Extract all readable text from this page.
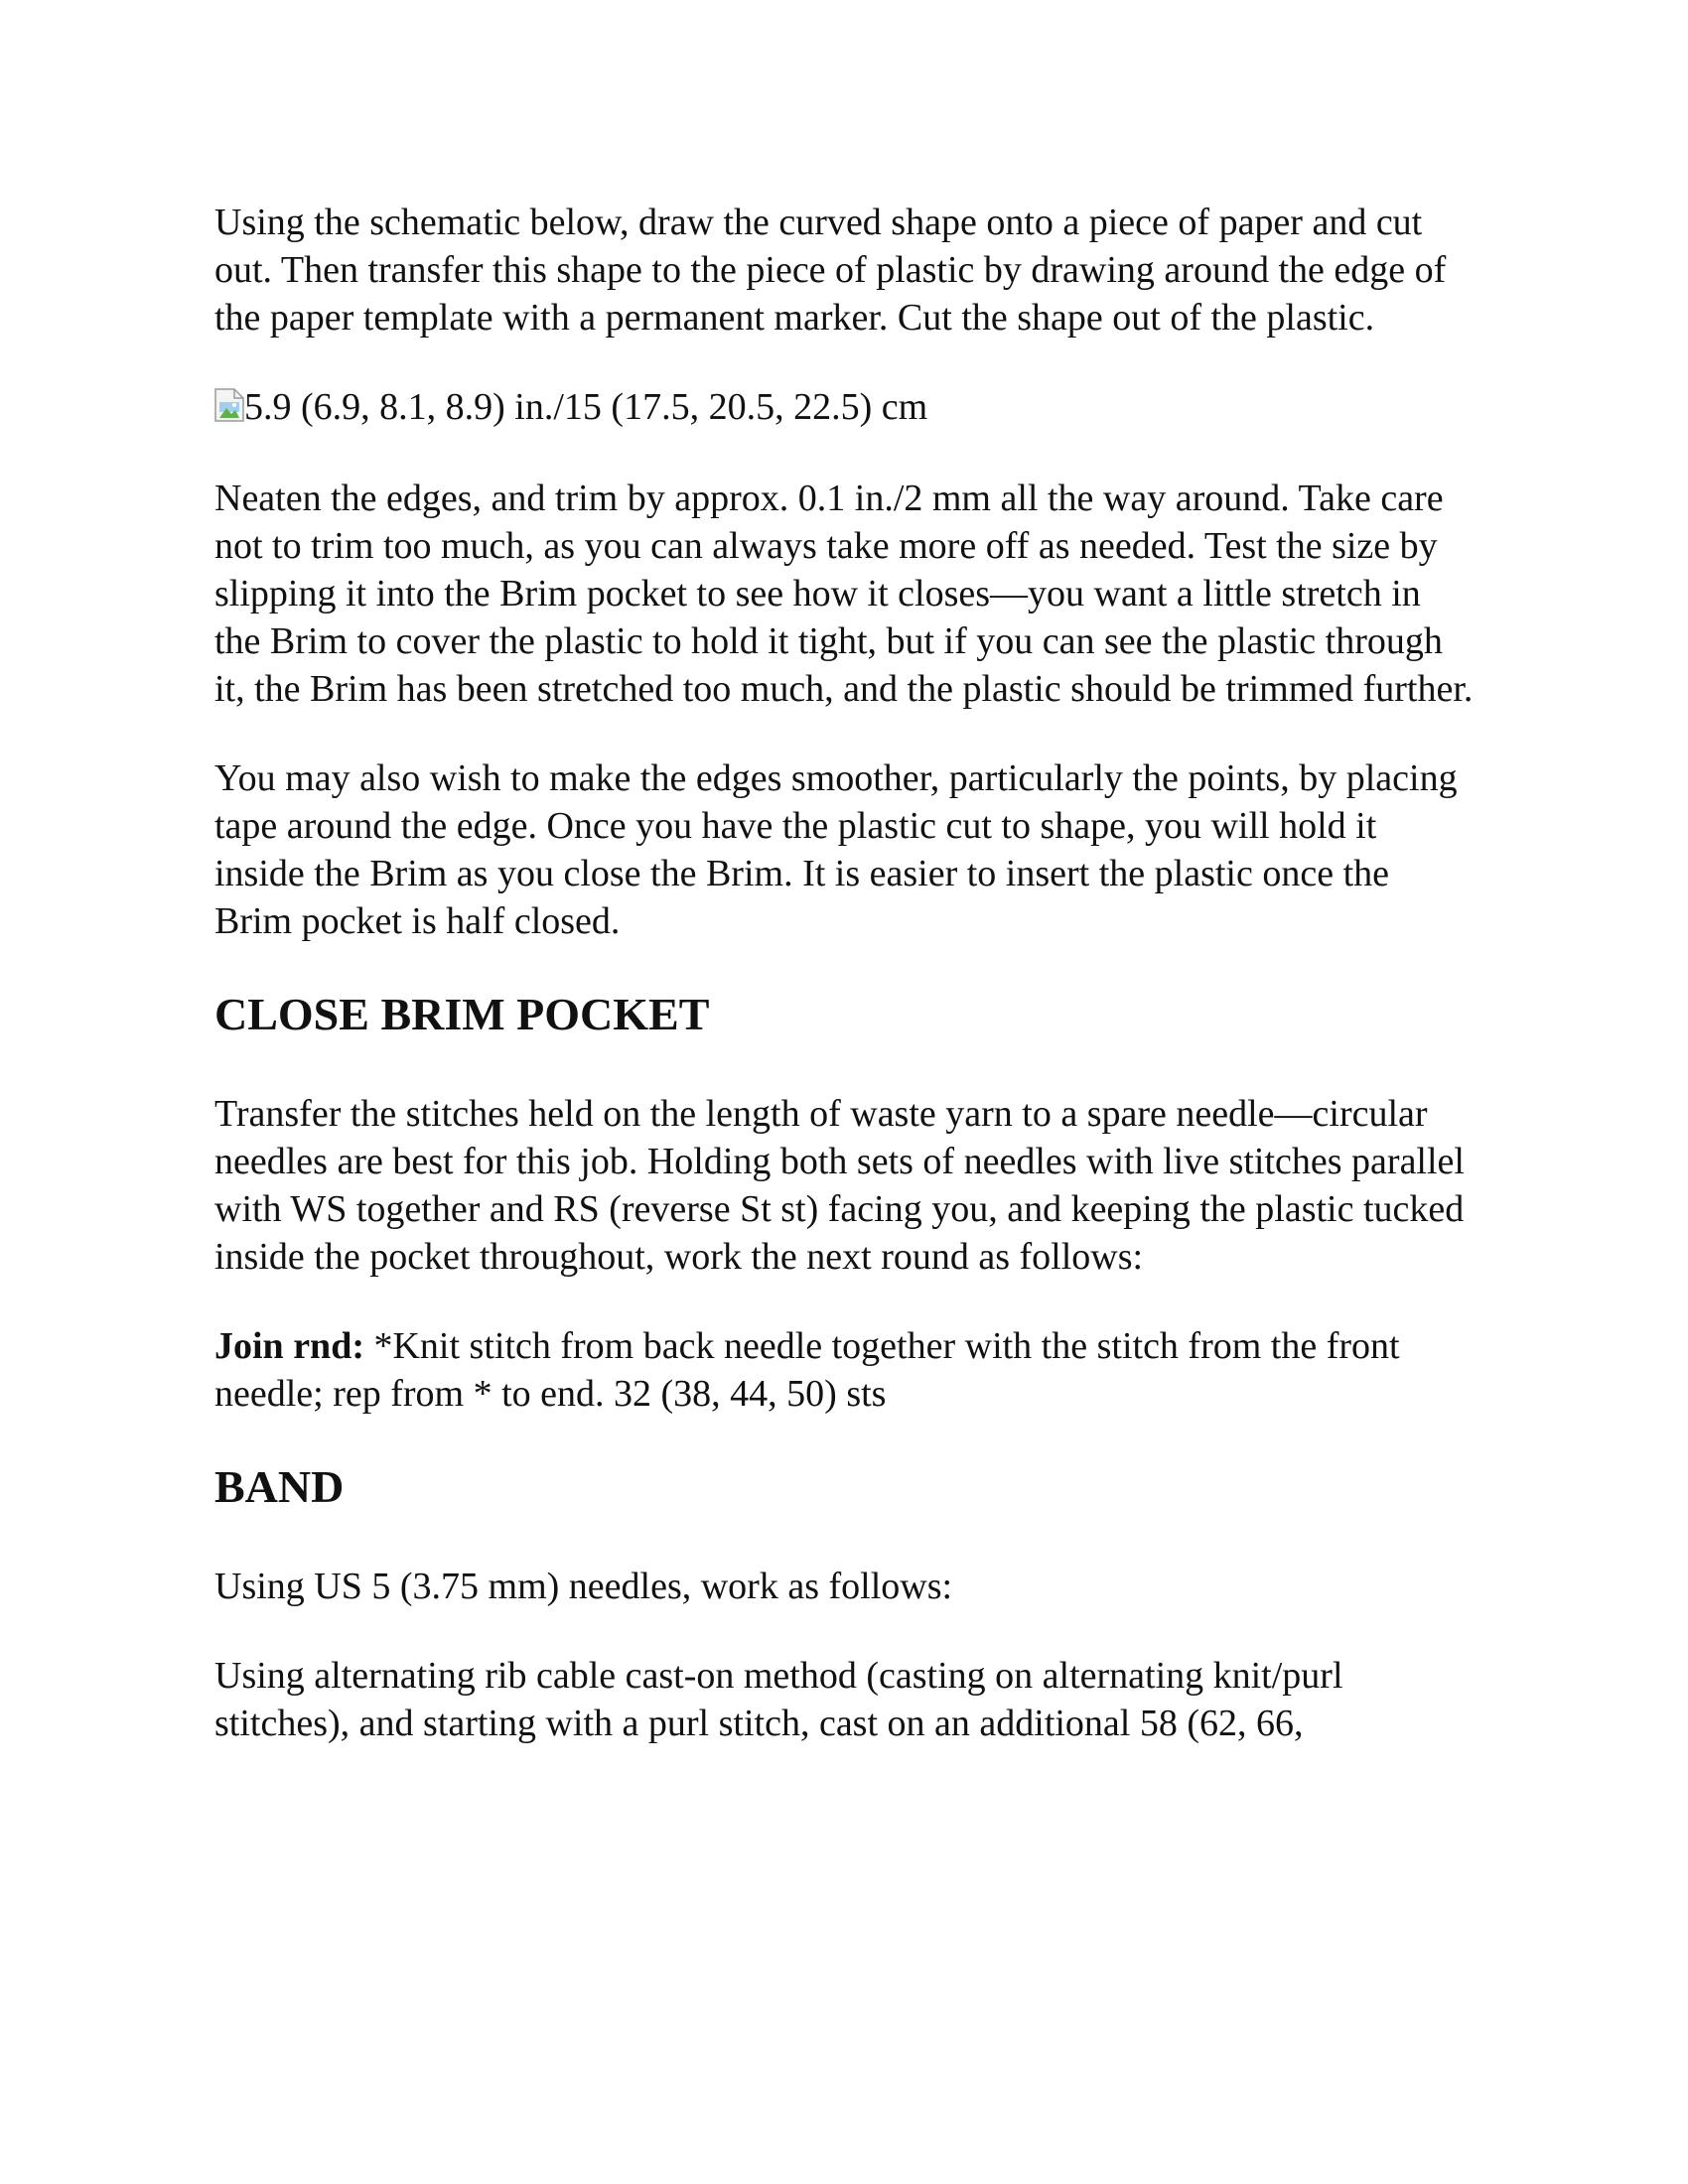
Using the schematic below, draw the curved shape onto a piece of paper and cut out. Then transfer this shape to the piece of plastic by drawing around the edge of the paper template with a permanent marker. Cut the shape out of the plastic.

5.9 (6.9, 8.1, 8.9) in./15 (17.5, 20.5, 22.5) cm

Neaten the edges, and trim by approx. 0.1 in./2 mm all the way around. Take care not to trim too much, as you can always take more off as needed. Test the size by slipping it into the Brim pocket to see how it closes—you want a little stretch in the Brim to cover the plastic to hold it tight, but if you can see the plastic through it, the Brim has been stretched too much, and the plastic should be trimmed further.

You may also wish to make the edges smoother, particularly the points, by placing tape around the edge. Once you have the plastic cut to shape, you will hold it inside the Brim as you close the Brim. It is easier to insert the plastic once the Brim pocket is half closed.

CLOSE BRIM POCKET

Transfer the stitches held on the length of waste yarn to a spare needle—circular needles are best for this job. Holding both sets of needles with live stitches parallel with WS together and RS (reverse St st) facing you, and keeping the plastic tucked inside the pocket throughout, work the next round as follows:

Join rnd: *Knit stitch from back needle together with the stitch from the front needle; rep from * to end. 32 (38, 44, 50) sts

BAND

Using US 5 (3.75 mm) needles, work as follows:

Using alternating rib cable cast-on method (casting on alternating knit/purl stitches), and starting with a purl stitch, cast on an additional 58 (62, 66,
